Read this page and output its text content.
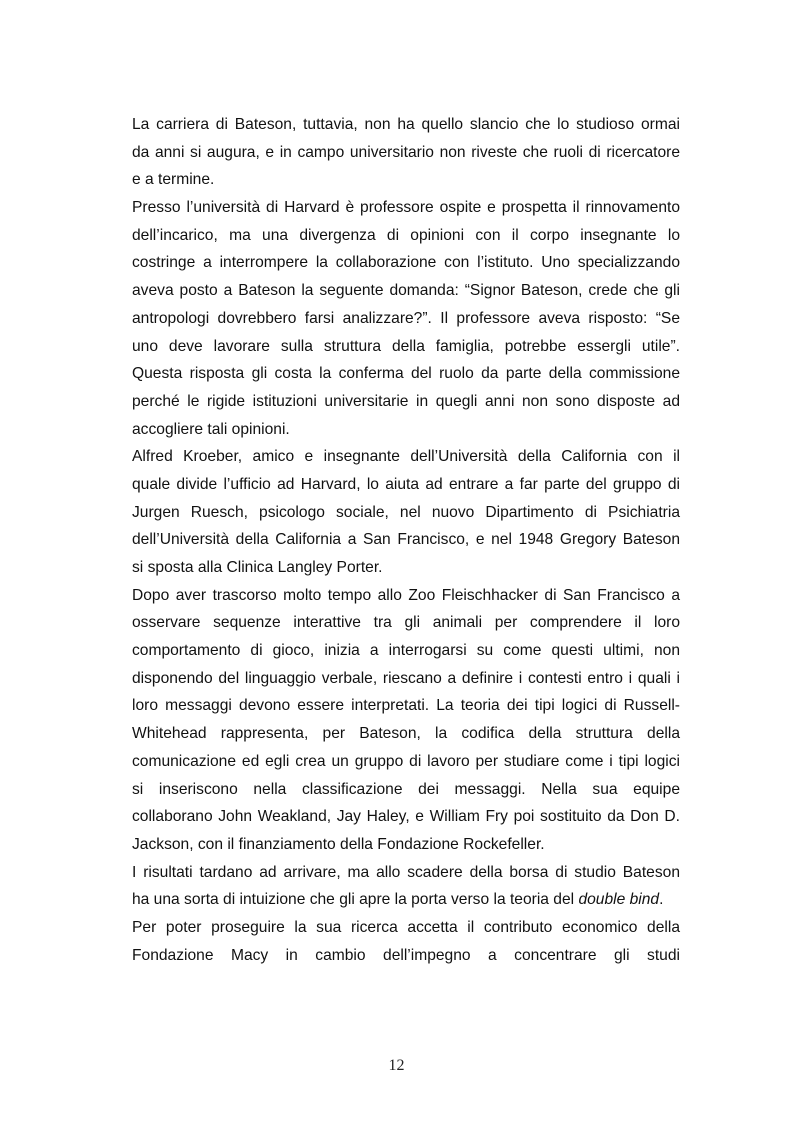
La carriera di Bateson, tuttavia, non ha quello slancio che lo studioso ormai
da anni si augura, e in campo universitario non riveste che ruoli di ricercatore
e a termine.
Presso l’università di Harvard è professore ospite e prospetta il rinnovamento
dell’incarico, ma una divergenza di opinioni con il corpo insegnante lo
costringe a interrompere la collaborazione con l’istituto. Uno specializzando
aveva posto a Bateson la seguente domanda: “Signor Bateson, crede che gli
antropologi dovrebbero farsi analizzare?”. Il professore aveva risposto: “Se
uno deve lavorare sulla struttura della famiglia, potrebbe essergli utile”.
Questa risposta gli costa la conferma del ruolo da parte della commissione
perché le rigide istituzioni universitarie in quegli anni non sono disposte ad
accogliere tali opinioni.
Alfred Kroeber, amico e insegnante dell’Università della California con il
quale divide l’ufficio ad Harvard, lo aiuta ad entrare a far parte del gruppo di
Jurgen Ruesch, psicologo sociale, nel nuovo Dipartimento di Psichiatria
dell’Università della California a San Francisco, e nel 1948 Gregory Bateson
si sposta alla Clinica Langley Porter.
Dopo aver trascorso molto tempo allo Zoo Fleischhacker di San Francisco a
osservare sequenze interattive tra gli animali per comprendere il loro
comportamento di gioco, inizia a interrogarsi su come questi ultimi, non
disponendo del linguaggio verbale, riescano a definire i contesti entro i quali i
loro messaggi devono essere interpretati. La teoria dei tipi logici di Russell-
Whitehead rappresenta, per Bateson, la codifica della struttura della
comunicazione ed egli crea un gruppo di lavoro per studiare come i tipi logici
si inseriscono nella classificazione dei messaggi. Nella sua equipe
collaborano John Weakland, Jay Haley, e William Fry poi sostituito da Don D.
Jackson, con il finanziamento della Fondazione Rockefeller.
I risultati tardano ad arrivare, ma allo scadere della borsa di studio Bateson
ha una sorta di intuizione che gli apre la porta verso la teoria del double bind.
Per poter proseguire la sua ricerca accetta il contributo economico della
Fondazione Macy in cambio dell’impegno a concentrare gli studi
12
